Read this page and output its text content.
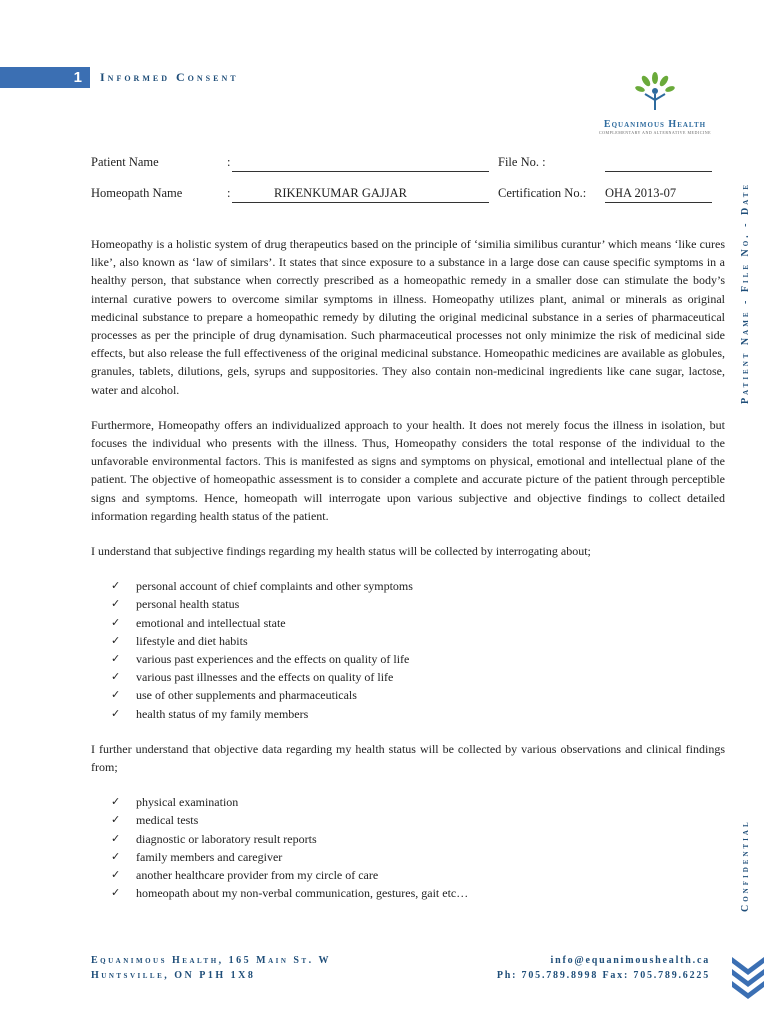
1	Informed Consent
Equanimous Health
COMPLEMENTARY AND ALTERNATIVE MEDICINE
Patient Name - File No. - Date
Confidential
Patient Name	:	File No. :
Homeopath Name	:	RIKENKUMAR GAJJAR	Certification No.: OHA 2013-07

Homeopathy is a holistic system of drug therapeutics based on the principle of ‘similia similibus curantur’ which means ‘like cures like’, also known as ‘law of similars’. It states that since exposure to a substance in a large dose can cause specific symptoms in a healthy person, that substance when correctly prescribed as a homeopathic remedy in a smaller dose can stimulate the body’s internal curative powers to overcome similar symptoms in illness. Homeopathy utilizes plant, animal or minerals as original medicinal substance to prepare a homeopathic remedy by diluting the original medicinal substance in a series of pharmaceutical processes as per the principle of drug dynamisation. Such pharmaceutical processes not only minimize the risk of medicinal side effects, but also release the full effectiveness of the original medicinal substance. Homeopathic medicines are available as globules, granules, tablets, dilutions, gels, syrups and suppositories. They also contain non-medicinal ingredients like cane sugar, lactose, water and alcohol.

Furthermore, Homeopathy offers an individualized approach to your health. It does not merely focus the illness in isolation, but focuses the individual who presents with the illness. Thus, Homeopathy considers the total response of the individual to the unfavorable environmental factors. This is manifested as signs and symptoms on physical, emotional and intellectual plane of the patient. The objective of homeopathic assessment is to consider a complete and accurate picture of the patient through perceptible signs and symptoms. Hence, homeopath will interrogate upon various subjective and objective findings to collect detailed information regarding health status of the patient.

I understand that subjective findings regarding my health status will be collected by interrogating about;

✓ personal account of chief complaints and other symptoms
✓ personal health status
✓ emotional and intellectual state
✓ lifestyle and diet habits
✓ various past experiences and the effects on quality of life
✓ various past illnesses and the effects on quality of life
✓ use of other supplements and pharmaceuticals
✓ health status of my family members

I further understand that objective data regarding my health status will be collected by various observations and clinical findings from;

✓ physical examination
✓ medical tests
✓ diagnostic or laboratory result reports
✓ family members and caregiver
✓ another healthcare provider from my circle of care
✓ homeopath about my non-verbal communication, gestures, gait etc…
Equanimous Health, 165 Main St. W
Huntsville, ON P1H 1X8
info@equanimoushealth.ca
Ph: 705.789.8998 Fax: 705.789.6225
